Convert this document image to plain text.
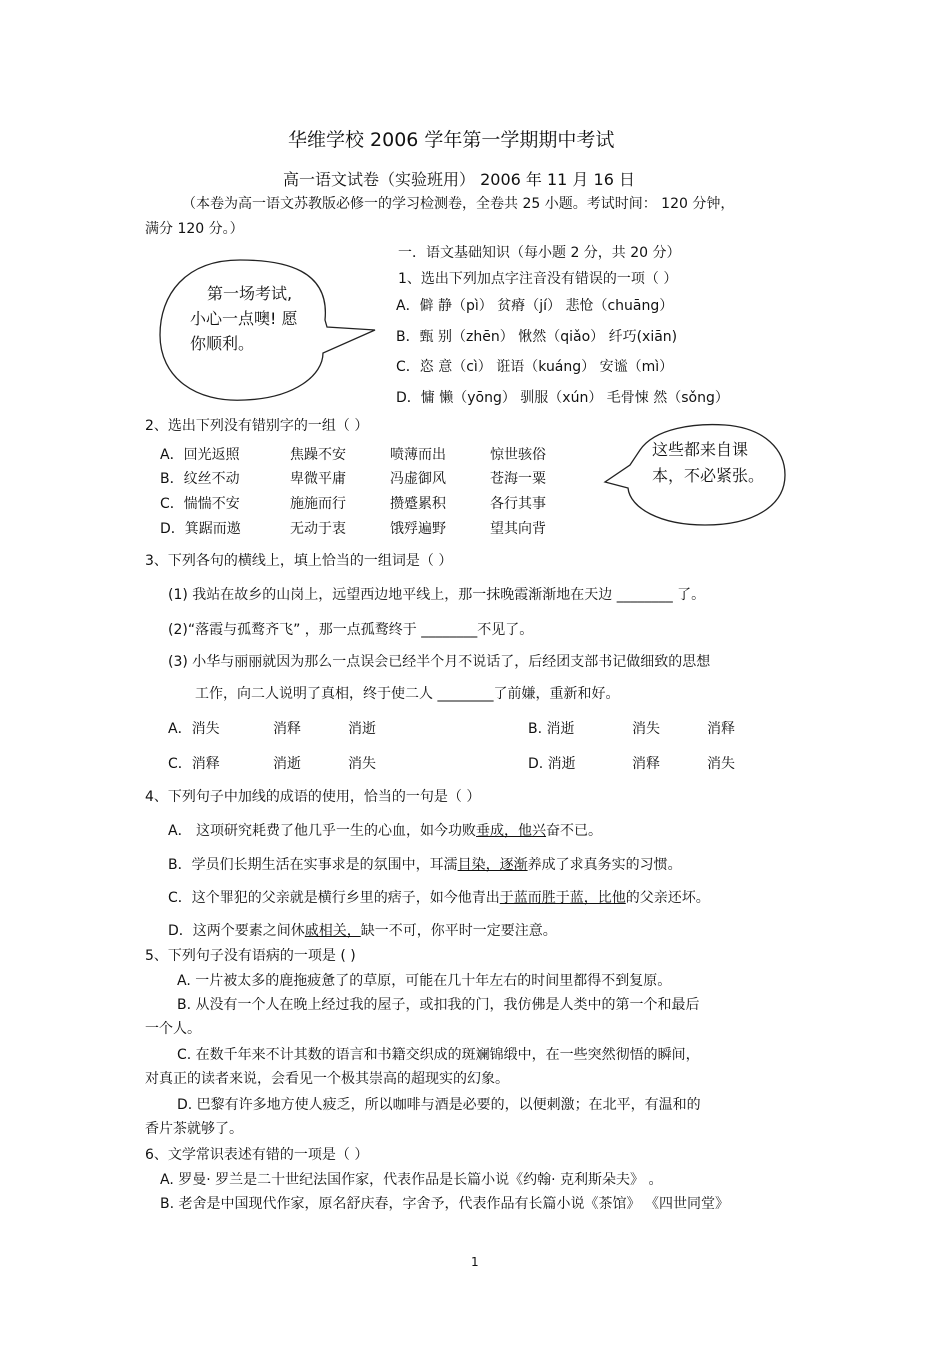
华维学校 2006 学年第一学期期中考试
高一语文试卷（实验班用） 2006 年 11 月 16 日
（本卷为高一语文苏教版必修一的学习检测卷，全卷共 25 小题。考试时间： 120 分钟，
满分 120 分。）
第一场考试,
小心一点噢! 愿
你顺利。
一．语文基础知识（每小题 2 分，共 20 分）
1、选出下列加点字注音没有错误的一项（ ）
A．僻 静（pì） 贫瘠（jí） 悲怆（chuāng）
B．甄 别（zhēn） 愀然（qiǎo） 纤巧(xiān)
C．恣 意（cì） 诳语（kuáng） 安谧（mì）
D．慵 懒（yōng） 驯服（xún） 毛骨悚 然（sǒng）
2、选出下列没有错别字的一组（ ）
A．回光返照	焦躁不安	喷薄而出	惊世骇俗
B．纹丝不动	卑微平庸	冯虚御风	苍海一粟
C．惴惴不安	施施而行	攒蹙累积	各行其事
D．箕踞而遨	无动于衷	饿殍遍野	望其向背
这些都来自课
本，不必紧张。
3、下列各句的横线上，填上恰当的一组词是（ ）
(1) 我站在故乡的山岗上，远望西边地平线上，那一抹晚霞渐渐地在天边 ________ 了。
(2)“落霞与孤鹜齐飞” ，那一点孤鹜终于 ________不见了。
(3) 小华与丽丽就因为那么一点误会已经半个月不说话了，后经团支部书记做细致的思想
工作，向二人说明了真相，终于使二人 ________了前嫌，重新和好。
A．消失	消释	消逝	B. 消逝	消失	消释
C．消释	消逝	消失	D. 消逝	消释	消失
4、下列句子中加线的成语的使用，恰当的一句是（ ）
A． 这项研究耗费了他几乎一生的心血，如今功败垂成，他兴奋不已。
B．学员们长期生活在实事求是的氛围中，耳濡目染，逐渐养成了求真务实的习惯。
C．这个罪犯的父亲就是横行乡里的痞子，如今他青出于蓝而胜于蓝，比他的父亲还坏。
D．这两个要素之间休戚相关，缺一不可，你平时一定要注意。
5、下列句子没有语病的一项是 ( )
A. 一片被太多的鹿拖疲惫了的草原，可能在几十年左右的时间里都得不到复原。
B. 从没有一个人在晚上经过我的屋子，或扣我的门，我仿佛是人类中的第一个和最后
一个人。
C. 在数千年来不计其数的语言和书籍交织成的斑斓锦缎中，在一些突然彻悟的瞬间，
对真正的读者来说，会看见一个极其崇高的超现实的幻象。
D. 巴黎有许多地方使人疲乏，所以咖啡与酒是必要的，以便刺激；在北平，有温和的
香片茶就够了。
6、文学常识表述有错的一项是（ ）
A. 罗曼· 罗兰是二十世纪法国作家，代表作品是长篇小说《约翰· 克利斯朵夫》 。
B. 老舍是中国现代作家，原名舒庆春，字舍予，代表作品有长篇小说《茶馆》 《四世同堂》
1
